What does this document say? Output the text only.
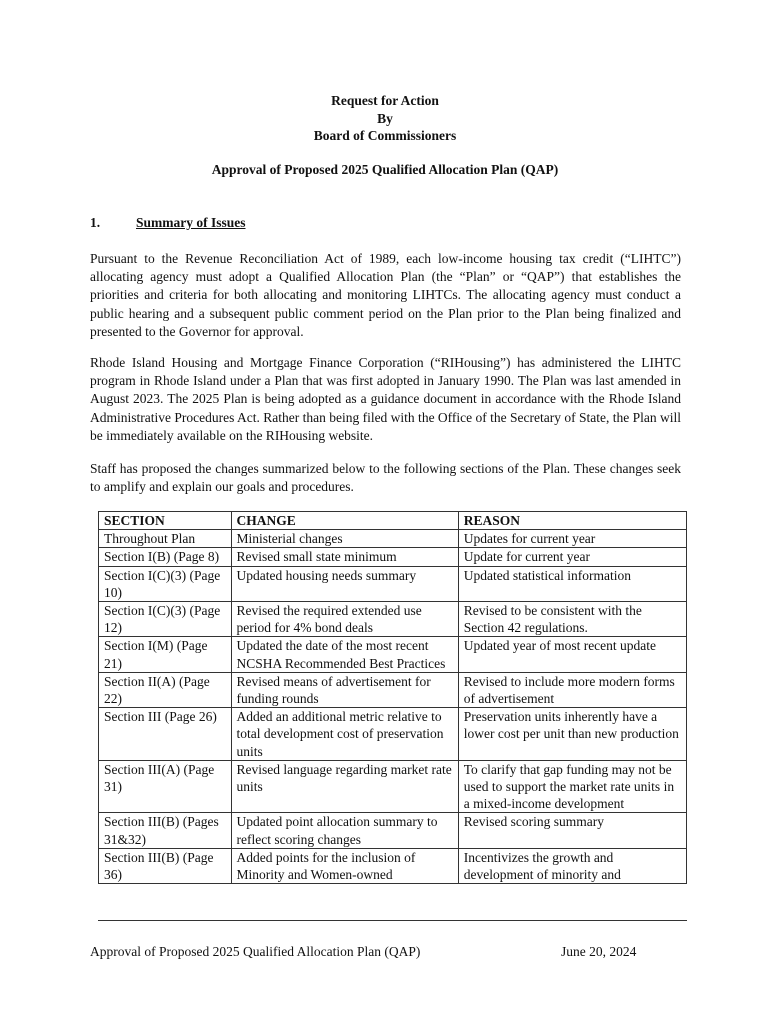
Request for Action
By
Board of Commissioners
Approval of Proposed 2025 Qualified Allocation Plan (QAP)
1.	Summary of Issues
Pursuant to the Revenue Reconciliation Act of 1989, each low-income housing tax credit (“LIHTC”) allocating agency must adopt a Qualified Allocation Plan (the “Plan” or “QAP”) that establishes the priorities and criteria for both allocating and monitoring LIHTCs. The allocating agency must conduct a public hearing and a subsequent public comment period on the Plan prior to the Plan being finalized and presented to the Governor for approval.
Rhode Island Housing and Mortgage Finance Corporation (“RIHousing”) has administered the LIHTC program in Rhode Island under a Plan that was first adopted in January 1990. The Plan was last amended in August 2023. The 2025 Plan is being adopted as a guidance document in accordance with the Rhode Island Administrative Procedures Act. Rather than being filed with the Office of the Secretary of State, the Plan will be immediately available on the RIHousing website.
Staff has proposed the changes summarized below to the following sections of the Plan. These changes seek to amplify and explain our goals and procedures.
SECTION	CHANGE	REASON
Throughout Plan	Ministerial changes	Updates for current year
Section I(B) (Page 8)	Revised small state minimum	Update for current year
Section I(C)(3) (Page 10)	Updated housing needs summary	Updated statistical information
Section I(C)(3) (Page 12)	Revised the required extended use period for 4% bond deals	Revised to be consistent with the Section 42 regulations.
Section I(M) (Page 21)	Updated the date of the most recent NCSHA Recommended Best Practices	Updated year of most recent update
Section II(A) (Page 22)	Revised means of advertisement for funding rounds	Revised to include more modern forms of advertisement
Section III (Page 26)	Added an additional metric relative to total development cost of preservation units	Preservation units inherently have a lower cost per unit than new production
Section III(A) (Page 31)	Revised language regarding market rate units	To clarify that gap funding may not be used to support the market rate units in a mixed-income development
Section III(B) (Pages 31&32)	Updated point allocation summary to reflect scoring changes	Revised scoring summary
Section III(B) (Page 36)	Added points for the inclusion of Minority and Women-owned	Incentivizes the growth and development of minority and
Approval of Proposed 2025 Qualified Allocation Plan (QAP)	June 20, 2024
